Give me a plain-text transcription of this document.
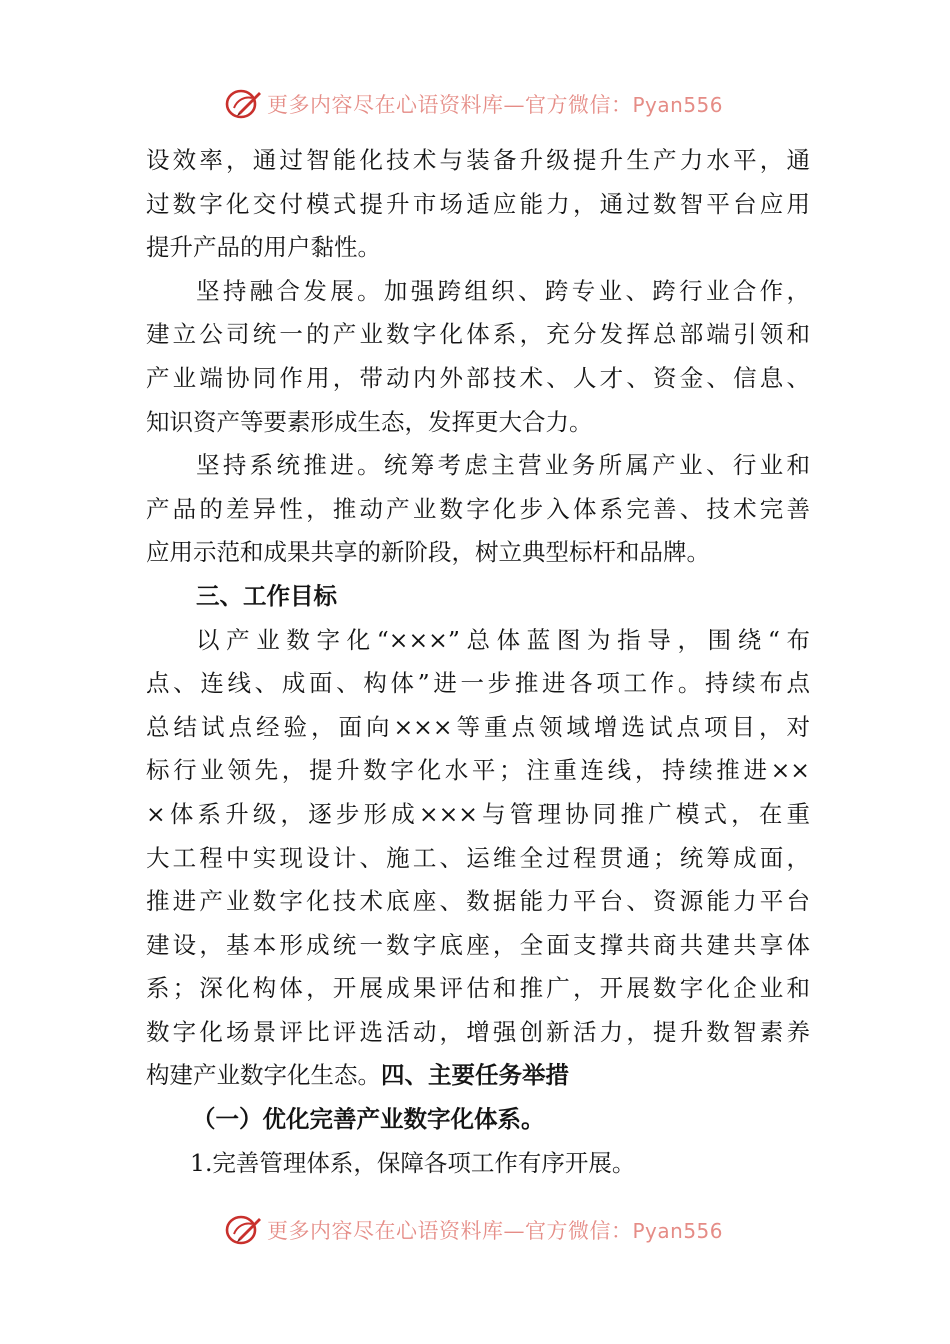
更多内容尽在心语资料库—官方微信：Pyan556
设效率，通过智能化技术与装备升级提升生产力水平，通
过数字化交付模式提升市场适应能力，通过数智平台应用
提升产品的用户黏性。
坚持融合发展。加强跨组织、跨专业、跨行业合作，
建立公司统一的产业数字化体系，充分发挥总部端引领和
产业端协同作用，带动内外部技术、人才、资金、信息、
知识资产等要素形成生态，发挥更大合力。
坚持系统推进。统筹考虑主营业务所属产业、行业和
产品的差异性，推动产业数字化步入体系完善、技术完善
应用示范和成果共享的新阶段，树立典型标杆和品牌。
三、工作目标
以产业数字化“×××”总体蓝图为指导，围绕“布
点、连线、成面、构体”进一步推进各项工作。持续布点
总结试点经验，面向×××等重点领域增选试点项目，对
标行业领先，提升数字化水平；注重连线，持续推进××
×体系升级，逐步形成×××与管理协同推广模式，在重
大工程中实现设计、施工、运维全过程贯通；统筹成面，
推进产业数字化技术底座、数据能力平台、资源能力平台
建设，基本形成统一数字底座，全面支撑共商共建共享体
系；深化构体，开展成果评估和推广，开展数字化企业和
数字化场景评比评选活动，增强创新活力，提升数智素养
构建产业数字化生态。四、主要任务举措
（一）优化完善产业数字化体系。
1.完善管理体系，保障各项工作有序开展。
更多内容尽在心语资料库—官方微信：Pyan556
